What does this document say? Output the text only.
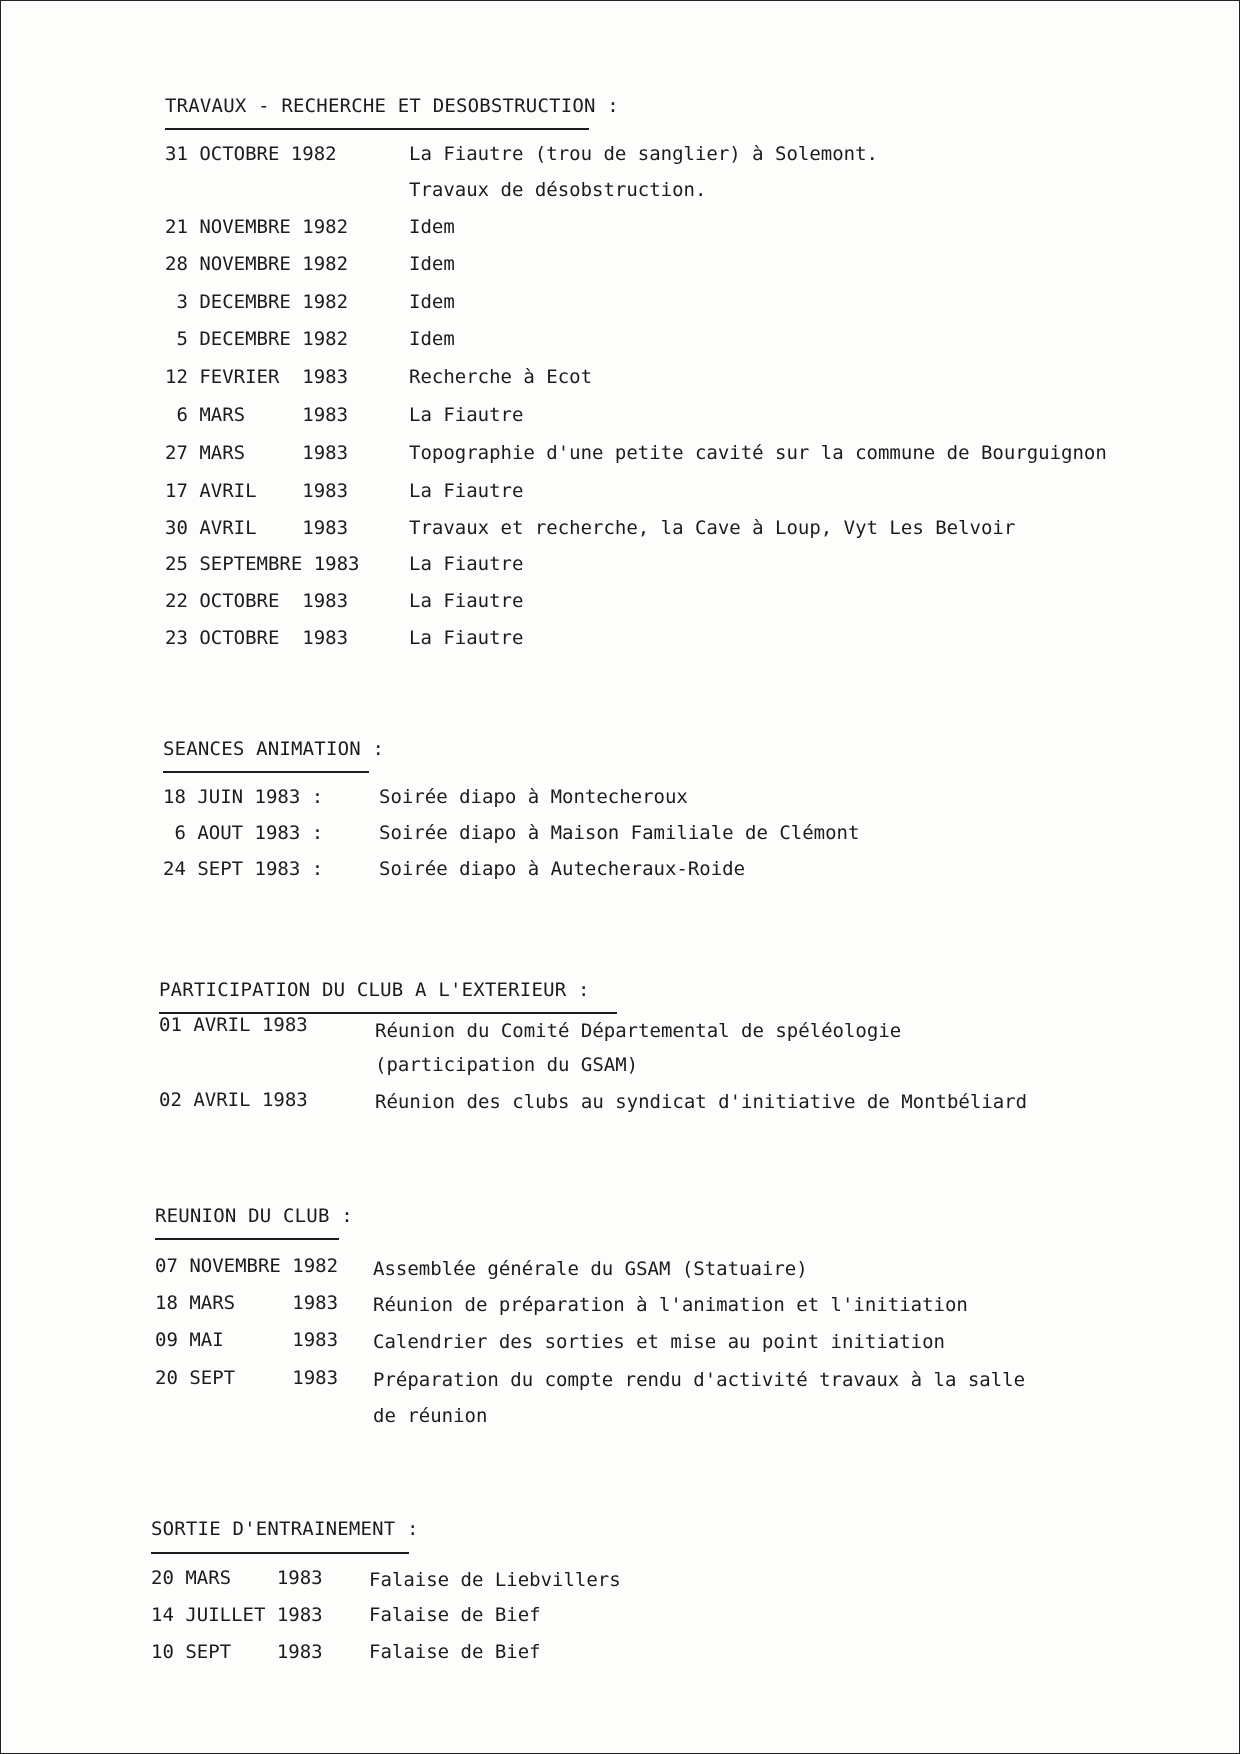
TRAVAUX - RECHERCHE ET DESOBSTRUCTION :
31 OCTOBRE 1982	La Fiautre (trou de sanglier) à Solemont.
Travaux de désobstruction.
21 NOVEMBRE 1982	Idem
28 NOVEMBRE 1982	Idem
3 DECEMBRE 1982	Idem
5 DECEMBRE 1982	Idem
12 FEVRIER  1983	Recherche à Ecot
6 MARS     1983	La Fiautre
27 MARS     1983	Topographie d'une petite cavité sur la commune de Bourguignon
17 AVRIL    1983	La Fiautre
30 AVRIL    1983	Travaux et recherche, la Cave à Loup, Vyt Les Belvoir
25 SEPTEMBRE 1983	La Fiautre
22 OCTOBRE  1983	La Fiautre
23 OCTOBRE  1983	La Fiautre
SEANCES ANIMATION :
18 JUIN 1983 :	Soirée diapo à Montecheroux
6 AOUT 1983 :	Soirée diapo à Maison Familiale de Clémont
24 SEPT 1983 :	Soirée diapo à Autecheraux-Roide
PARTICIPATION DU CLUB A L'EXTERIEUR :
01 AVRIL 1983	Réunion du Comité Départemental de spéléologie
(participation du GSAM)
02 AVRIL 1983	Réunion des clubs au syndicat d'initiative de Montbéliard
REUNION DU CLUB :
07 NOVEMBRE 1982 Assemblée générale du GSAM (Statuaire)
18 MARS     1983 Réunion de préparation à l'animation et l'initiation
09 MAI      1983 Calendrier des sorties et mise au point initiation
20 SEPT     1983 Préparation du compte rendu d'activité travaux à la salle
de réunion
SORTIE D'ENTRAINEMENT :
20 MARS    1983 Falaise de Liebvillers
14 JUILLET 1983 Falaise de Bief
10 SEPT    1983 Falaise de Bief
